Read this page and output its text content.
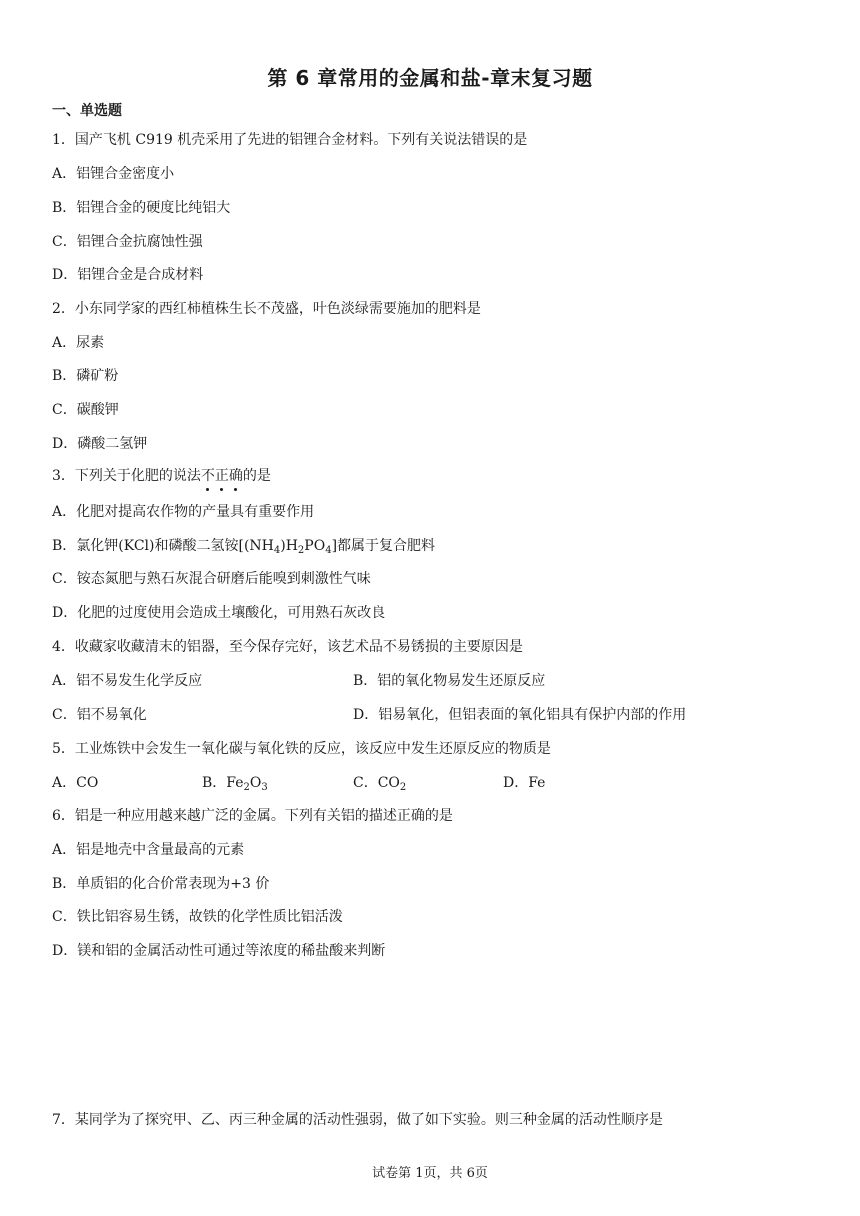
第 6 章常用的金属和盐-章末复习题
一、单选题
1．国产飞机 C919 机壳采用了先进的铝锂合金材料。下列有关说法错误的是
A．铝锂合金密度小
B．铝锂合金的硬度比纯铝大
C．铝锂合金抗腐蚀性强
D．铝锂合金是合成材料
2．小东同学家的西红柿植株生长不茂盛，叶色淡绿需要施加的肥料是
A．尿素
B．磷矿粉
C．碳酸钾
D．磷酸二氢钾
3．下列关于化肥的说法不正确的是
A．化肥对提高农作物的产量具有重要作用
B．氯化钾(KCl)和磷酸二氢铵$[(NH_4)H_2PO_4]$都属于复合肥料
C．铵态氮肥与熟石灰混合研磨后能嗅到刺激性气味
D．化肥的过度使用会造成土壤酸化，可用熟石灰改良
4．收藏家收藏清末的铝器，至今保存完好，该艺术品不易锈损的主要原因是
A．铝不易发生化学反应	B．铝的氧化物易发生还原反应
C．铝不易氧化	D．铝易氧化，但铝表面的氧化铝具有保护内部的作用
5．工业炼铁中会发生一氧化碳与氧化铁的反应，该反应中发生还原反应的物质是
A．CO	B．$Fe_2O_3$	C．$CO_2$	D．Fe
6．铝是一种应用越来越广泛的金属。下列有关铝的描述正确的是
A．铝是地壳中含量最高的元素
B．单质铝的化合价常表现为+3 价
C．铁比铝容易生锈，故铁的化学性质比铝活泼
D．镁和铝的金属活动性可通过等浓度的稀盐酸来判断
7．某同学为了探究甲、乙、丙三种金属的活动性强弱，做了如下实验。则三种金属的活动性顺序是
试卷第 1页，共 6页
